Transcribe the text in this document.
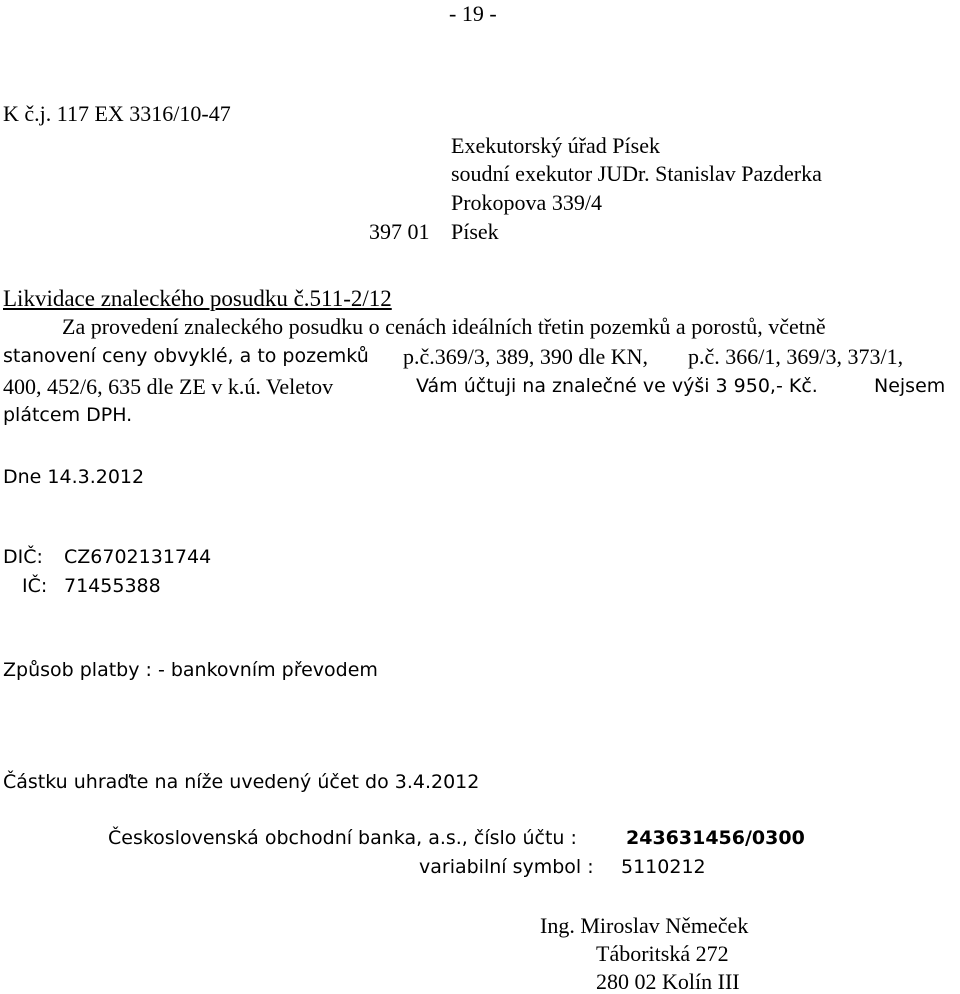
- 19 -
K č.j. 117 EX 3316/10-47
Exekutorský úřad Písek
soudní exekutor JUDr. Stanislav Pazderka
Prokopova 339/4
397 01 Písek
Likvidace znaleckého posudku č.511-2/12
Za provedení znaleckého posudku o cenách ideálních třetin pozemků a porostů, včetně
stanovení ceny obvyklé, a to pozemků p.č.369/3, 389, 390 dle KN, p.č. 366/1, 369/3, 373/1,
400, 452/6, 635 dle ZE v k.ú. Veletov	Vám účtuji na znalečné ve výši 3 950,- Kč.	Nejsem
plátcem DPH.
Dne 14.3.2012
DIČ: CZ6702131744
IČ: 71455388
Způsob platby : - bankovním převodem
Částku uhraďte na níže uvedený účet do 3.4.2012
Československá obchodní banka, a.s., číslo účtu :	243631456/0300
variabilní symbol : 5110212
Ing. Miroslav Němeček
Táboritská 272
280 02 Kolín III
